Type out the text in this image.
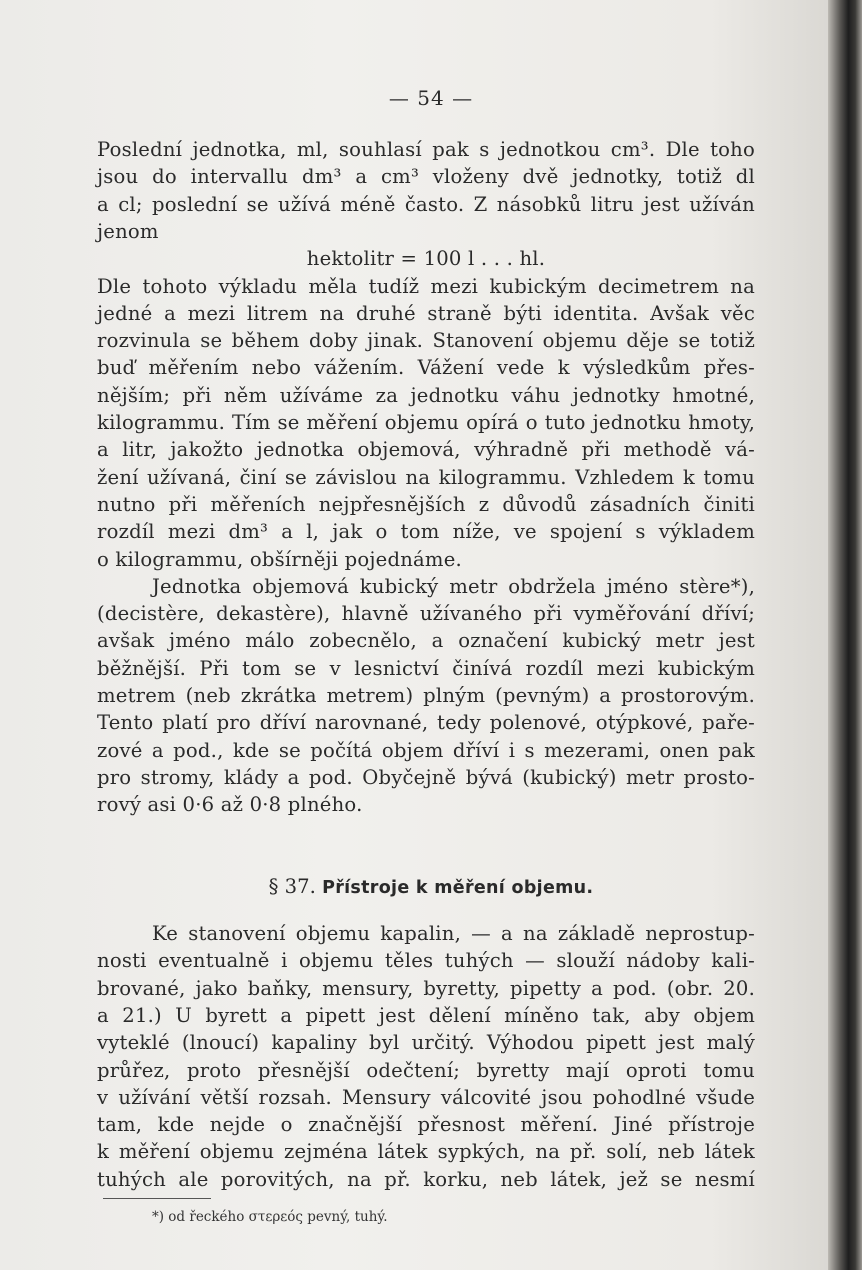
— 54 —
Poslední jednotka, ml, souhlasí pak s jednotkou cm³. Dle toho
jsou do intervallu dm³ a cm³ vloženy dvě jednotky, totiž dl
a cl; poslední se užívá méně často. Z násobků litru jest užíván
jenom
hektolitr = 100 l . . . hl.
Dle tohoto výkladu měla tudíž mezi kubickým decimetrem na
jedné a mezi litrem na druhé straně býti identita. Avšak věc
rozvinula se během doby jinak. Stanovení objemu děje se totiž
buď měřením nebo vážením. Vážení vede k výsledkům přes-
nějším; při něm užíváme za jednotku váhu jednotky hmotné,
kilogrammu. Tím se měření objemu opírá o tuto jednotku hmoty,
a litr, jakožto jednotka objemová, výhradně při methodě vá-
žení užívaná, činí se závislou na kilogrammu. Vzhledem k tomu
nutno při měřeních nejpřesnějších z důvodů zásadních činiti
rozdíl mezi dm³ a l, jak o tom níže, ve spojení s výkladem
o kilogrammu, obšírněji pojednáme.
Jednotka objemová kubický metr obdržela jméno stère*),
(decistère, dekastère), hlavně užívaného při vyměřování dříví;
avšak jméno málo zobecnělo, a označení kubický metr jest
běžnější. Při tom se v lesnictví činívá rozdíl mezi kubickým
metrem (neb zkrátka metrem) plným (pevným) a prostorovým.
Tento platí pro dříví narovnané, tedy polenové, otýpkové, paře-
zové a pod., kde se počítá objem dříví i s mezerami, onen pak
pro stromy, klády a pod. Obyčejně bývá (kubický) metr prosto-
rový asi 0·6 až 0·8 plného.
§ 37. Přístroje k měření objemu.
Ke stanovení objemu kapalin, — a na základě neprostup-
nosti eventualně i objemu těles tuhých — slouží nádoby kali-
brované, jako baňky, mensury, byretty, pipetty a pod. (obr. 20.
a 21.) U byrett a pipett jest dělení míněno tak, aby objem
vyteklé (lnoucí) kapaliny byl určitý. Výhodou pipett jest malý
průřez, proto přesnější odečtení; byretty mají oproti tomu
v užívání větší rozsah. Mensury válcovité jsou pohodlné všude
tam, kde nejde o značnější přesnost měření. Jiné přístroje
k měření objemu zejména látek sypkých, na př. solí, neb látek
tuhých ale porovitých, na př. korku, neb látek, jež se nesmí
*) od řeckého στερεός pevný, tuhý.
